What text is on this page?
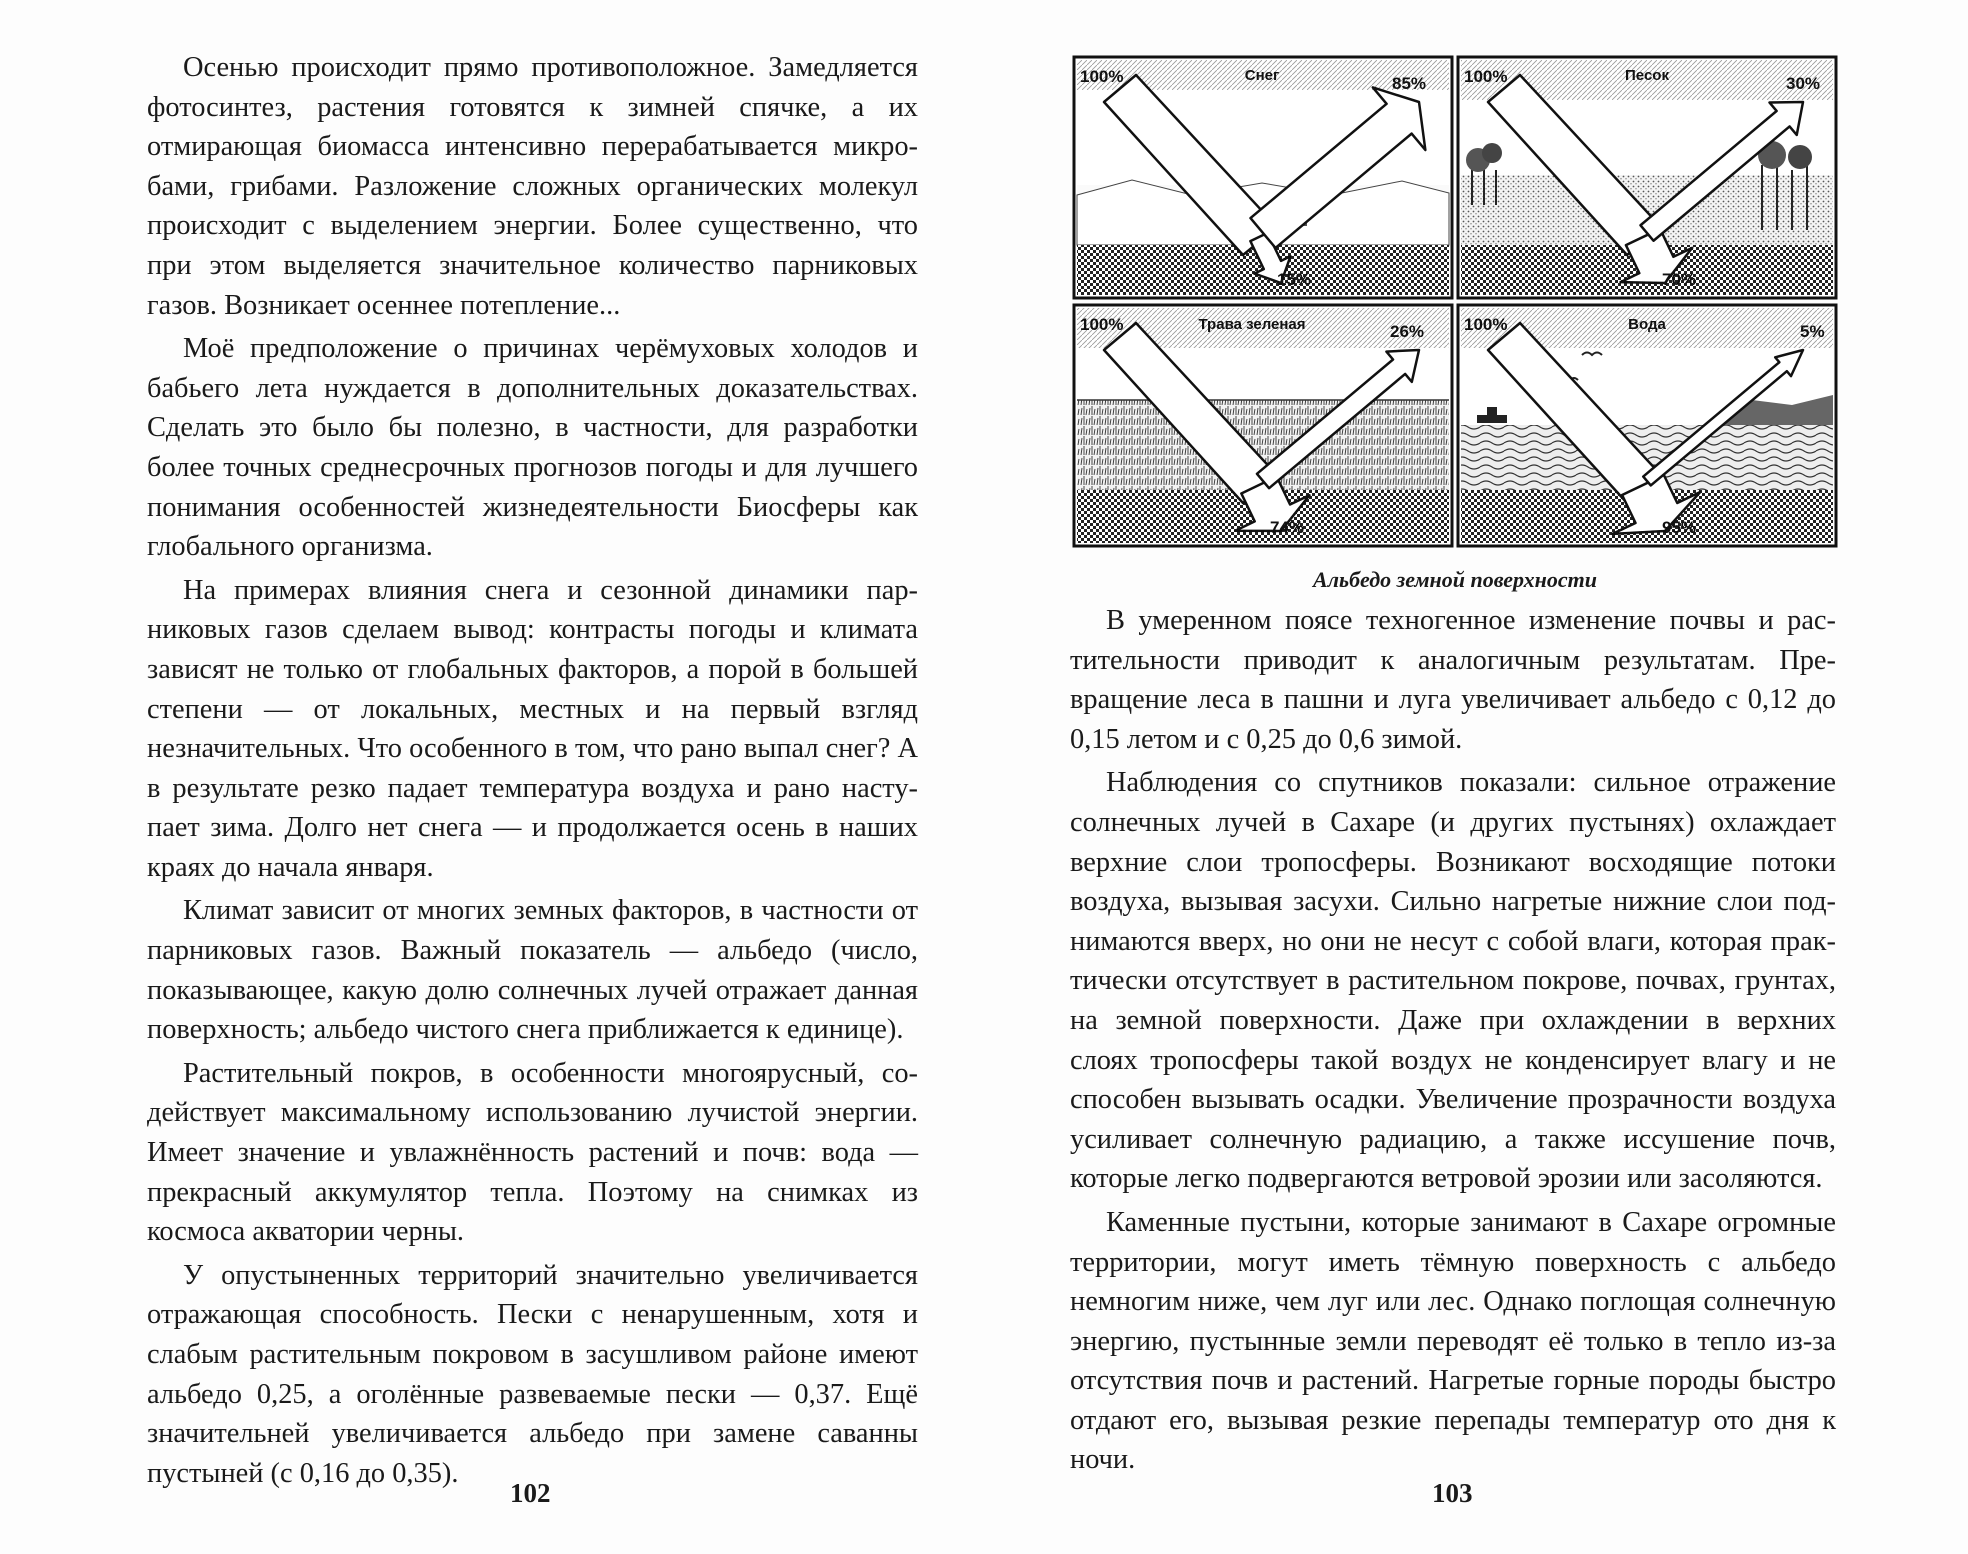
Осенью происходит прямо противоположное. Замедляется фотосинтез, растения готовятся к зимней спячке, а их отмирающая биомасса интенсивно перерабатывается микробами, грибами. Разложение сложных органических молекул происходит с выделением энергии. Более существенно, что при этом выделяется значительное количество парниковых газов. Возникает осеннее потепление...

Моё предположение о причинах черёмуховых холодов и бабьего лета нуждается в дополнительных доказательствах. Сделать это было бы полезно, в частности, для разработки более точных среднесрочных прогнозов погоды и для лучшего понимания особенностей жизнедеятельности Биосферы как глобального организма.

На примерах влияния снега и сезонной динамики парниковых газов сделаем вывод: контрасты погоды и климата зависят не только от глобальных факторов, а порой в большей степени — от локальных, местных и на первый взгляд незначительных. Что особенного в том, что рано выпал снег? А в результате резко падает температура воздуха и рано наступает зима. Долго нет снега — и продолжается осень в наших краях до начала января.

Климат зависит от многих земных факторов, в частности от парниковых газов. Важный показатель — альбедо (число, показывающее, какую долю солнечных лучей отражает данная поверхность; альбедо чистого снега приближается к единице).

Растительный покров, в особенности многоярусный, содействует максимальному использованию лучистой энергии. Имеет значение и увлажнённость растений и почв: вода — прекрасный аккумулятор тепла. Поэтому на снимках из космоса акватории черны.

У опустыненных территорий значительно увеличивается отражающая способность. Пески с ненарушенным, хотя и слабым растительным покровом в засушливом районе имеют альбедо 0,25, а оголённые развеваемые пески — 0,37. Ещё значительней увеличивается альбедо при замене саванны пустыней (с 0,16 до 0,35).

102
Снег
100%	85%
15%
Песок
100%	30%
70%
Трава зеленая
100%	26%
74%
Вода
100%	5%
95%
Альбедо земной поверхности

В умеренном поясе техногенное изменение почвы и растительности приводит к аналогичным результатам. Превращение леса в пашни и луга увеличивает альбедо с 0,12 до 0,15 летом и с 0,25 до 0,6 зимой.

Наблюдения со спутников показали: сильное отражение солнечных лучей в Сахаре (и других пустынях) охлаждает верхние слои тропосферы. Возникают восходящие потоки воздуха, вызывая засухи. Сильно нагретые нижние слои поднимаются вверх, но они не несут с собой влаги, которая практически отсутствует в растительном покрове, почвах, грунтах, на земной поверхности. Даже при охлаждении в верхних слоях тропосферы такой воздух не конденсирует влагу и не способен вызывать осадки. Увеличение прозрачности воздуха усиливает солнечную радиацию, а также иссушение почв, которые легко подвергаются ветровой эрозии или засоляются.

Каменные пустыни, которые занимают в Сахаре огромные территории, могут иметь тёмную поверхность с альбедо немногим ниже, чем луг или лес. Однако поглощая солнечную энергию, пустынные земли переводят её только в тепло из-за отсутствия почв и растений. Нагретые горные породы быстро отдают его, вызывая резкие перепады температур ото дня к ночи.

103
